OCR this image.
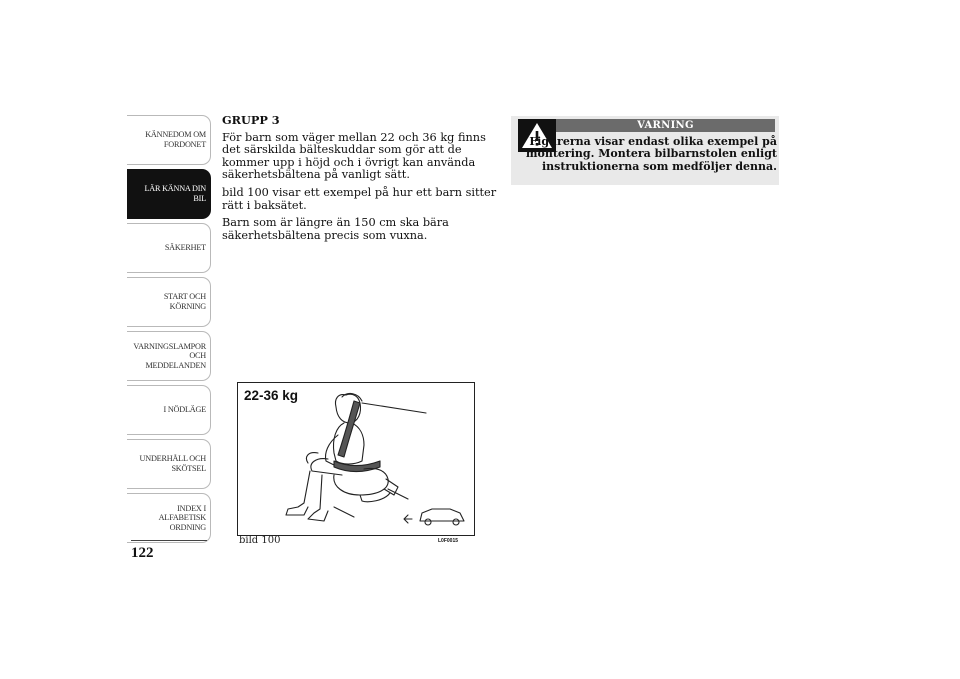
KÄNNEDOM OM
FORDONET
LÄR KÄNNA DIN
BIL
SÄKERHET
START OCH
KÖRNING
VARNINGSLAMPOR
OCH
MEDDELANDEN
I NÖDLÄGE
UNDERHÅLL OCH
SKÖTSEL
INDEX I
ALFABETISK
ORDNING
122
GRUPP 3

För barn som väger mellan 22 och 36 kg finns det särskilda bälteskuddar som gör att de kommer upp i höjd och i övrigt kan använda säkerhetsbältena på vanligt sätt.

bild 100 visar ett exempel på hur ett barn sitter rätt i baksätet.

Barn som är längre än 150 cm ska bära säkerhetsbältena precis som vuxna.

22-36 kg
bild 100	L0F0015
VARNING
Figurerna visar endast olika exempel på montering. Montera bilbarnstolen enligt instruktionerna som medföljer denna.
